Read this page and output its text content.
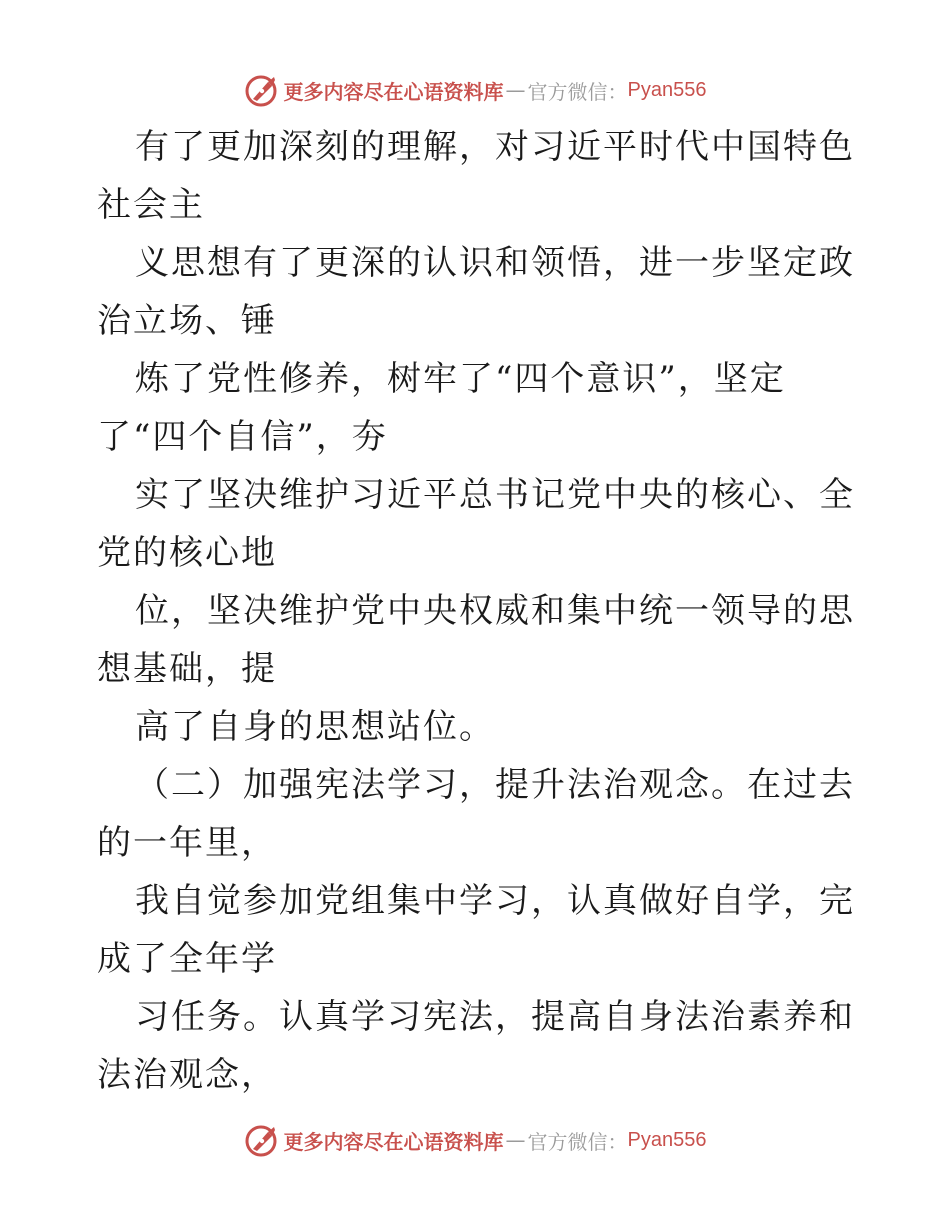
更多内容尽在心语资料库 — 官方微信： Pyan556

有了更加深刻的理解，对习近平时代中国特色社会主

义思想有了更深的认识和领悟，进一步坚定政治立场、锤

炼了党性修养，树牢了“四个意识”，坚定了“四个自信”，夯

实了坚决维护习近平总书记党中央的核心、全党的核心地

位，坚决维护党中央权威和集中统一领导的思想基础，提

高了自身的思想站位。

（二）加强宪法学习，提升法治观念。在过去的一年里，

我自觉参加党组集中学习，认真做好自学，完成了全年学

习任务。认真学习宪法，提高自身法治素养和法治观念，

更多内容尽在心语资料库 — 官方微信： Pyan556
